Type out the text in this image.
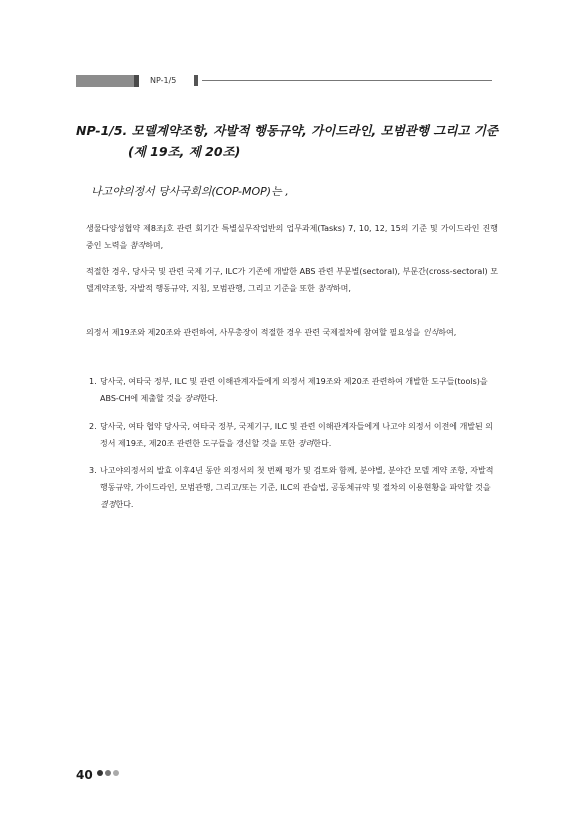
NP-1/5
NP-1/5. 모델계약조항, 자발적 행동규약, 가이드라인, 모범관행 그리고 기준
(제 19조, 제 20조)

나고야의정서 당사국회의(COP-MOP)는 ,

생물다양성협약 제8조j호 관련 회기간 특별실무작업반의 업무과제(Tasks) 7, 10, 12, 15의 기준 및 가이드라인 진행 중인 노력을 참작하며,

적절한 경우, 당사국 및 관련 국제 기구, ILC가 기존에 개발한 ABS 관련 부문별(sectoral), 부문간(cross-sectoral) 모델계약조항, 자발적 행동규약, 지침, 모범관행, 그리고 기준을 또한 참작하며,

의정서 제19조와 제20조와 관련하여, 사무총장이 적절한 경우 관련 국제절차에 참여할 필요성을 인식하여,

1. 당사국, 여타국 정부, ILC 및 관련 이해관계자들에게 의정서 제19조와 제20조 관련하여 개발한 도구들(tools)을 ABS-CH에 제출할 것을 장려한다.
2. 당사국, 여타 협약 당사국, 여타국 정부, 국제기구, ILC 및 관련 이해관계자들에게 나고야 의정서 이전에 개발된 의정서 제19조, 제20조 관련한 도구들을 갱신할 것을 또한 장려한다.
3. 나고야의정서의 발효 이후4년 동안 의정서의 첫 번째 평가 및 검토와 함께, 분야별, 분야간 모델 계약 조항, 자발적 행동규약, 가이드라인, 모범관행, 그리고/또는 기준, ILC의 관습법, 공동체규약 및 절차의 이용현황을 파악할 것을 결정한다.
40
